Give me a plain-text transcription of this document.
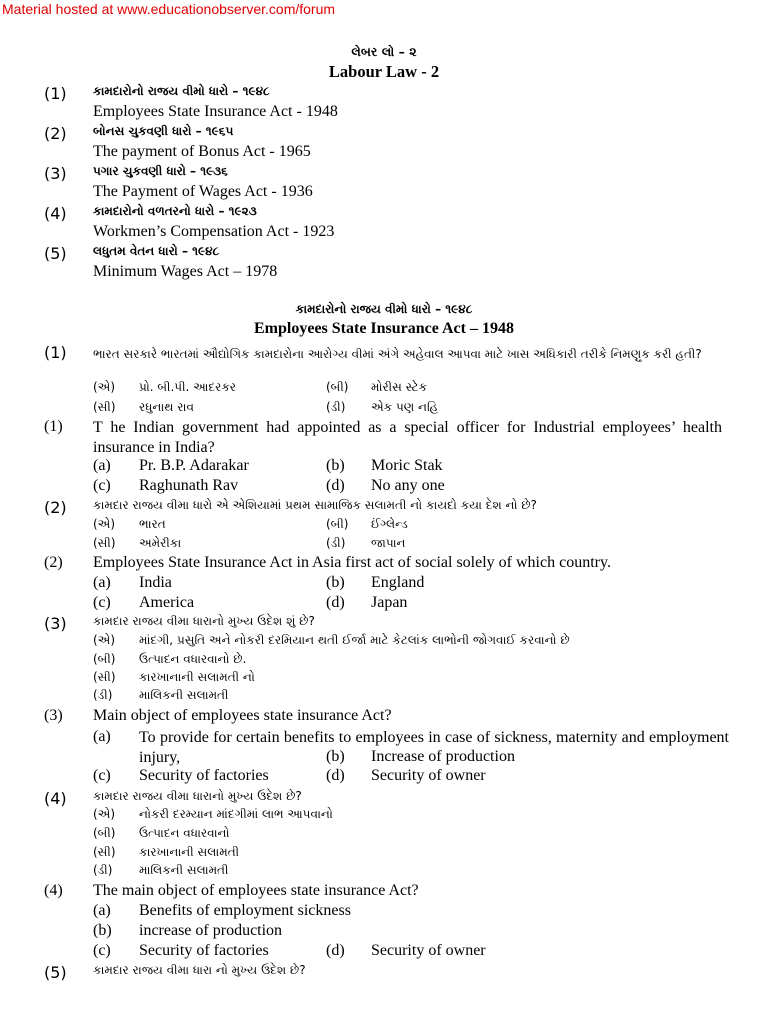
Material hosted at www.educationobserver.com/forum
લેબર લો – ૨
Labour Law - 2
(1) કામદારોનો રાજય વીમો ધારો – ૧૯૪૮
Employees State Insurance Act - 1948
(2) બોનસ ચુકવણી ધારો – ૧૯૬૫
The payment of Bonus Act - 1965
(3) પગાર ચુકવણી ધારો – ૧૯૩૬
The Payment of Wages Act - 1936
(4) કામદારોનો વળતરનો ધારો – ૧૯૨૩
Workmen’s Compensation Act - 1923
(5) લધુતમ વેતન ધારો – ૧૯૪૮
Minimum Wages Act – 1978
કામદારોનો રાજય વીમો ધારો – ૧૯૪૮
Employees State Insurance Act – 1948
(1) ભારત સરકારે ભારતમાં ઔદ્યોગિક કામદારોના આરોગ્ય વીમાં અંગે અહેવાલ આપવા માટે ખાસ અધિકારી તરીકે નિમણુક કરી હતી?
(એ) પ્રો. બી.પી. આદરકર	(બી) મોરીસ સ્ટેક
(સી) રધુનાથ રાવ	(ડી) એક પણ નહિ
(1) T he Indian government had appointed as a special officer for Industrial employees’ health insurance in India?
(a) Pr. B.P. Adarakar	(b) Moric Stak
(c) Raghunath Rav	(d) No any one
(2) કામદાર રાજય વીમા ધારો એ એશિયામાં પ્રથમ સામાજિક સલામતી નો કાયદો કયા દેશ નો છે?
(એ) ભારત	(બી) ઈંગ્લેન્ડ
(સી) અમેરીકા	(ડી) જાપાન
(2) Employees State Insurance Act in Asia first act of social solely of which country.
(a) India	(b) England
(c) America	(d) Japan
(3) કામદાર રાજય વીમા ધારાનો મુખ્ય ઉદેશ શું છે?
(એ) માંદગી, પ્રસુતિ અને નોકરી દરમિયાન થતી ઈર્જા માટે કેટલાંક લાભોની જોગવાઈ કરવાનો છે
(બી) ઉત્પાદન વધારવાનો છે.
(સી) કારખાનાની સલામતી નો
(ડી) માલિકની સલામતી
(3) Main object of employees state insurance Act?
(a) To provide for certain benefits to employees in case of sickness, maternity and employment injury,	(b) Increase of production
(c) Security of factories	(d) Security of owner
(4) કામદાર રાજય વીમા ધારાનો મુખ્ય ઉદેશ છે?
(એ) નોકરી દરમ્યાન માંદગીમાં લાભ આપવાનો
(બી) ઉત્પાદન વધારવાનો
(સી) કારખાનાની સલામતી
(ડી) માલિકની સલામતી
(4) The main object of employees state insurance Act?
(a) Benefits of employment sickness
(b) increase of production
(c) Security of factories	(d) Security of owner
(5) કામદાર રાજય વીમા ધારા નો મુખ્ય ઉદેશ છે?
